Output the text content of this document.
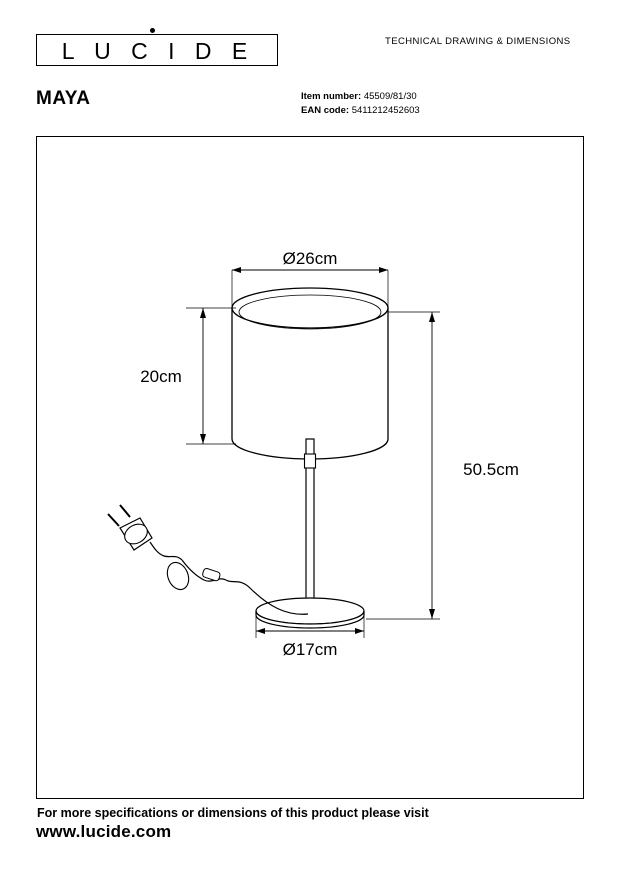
L U C I D E	TECHNICAL DRAWING & DIMENSIONS
MAYA	Item number: 45509/81/30
EAN code: 5411212452603
Ø26cm
20cm
50.5cm
Ø17cm
For more specifications or dimensions of this product please visit
www.lucide.com
